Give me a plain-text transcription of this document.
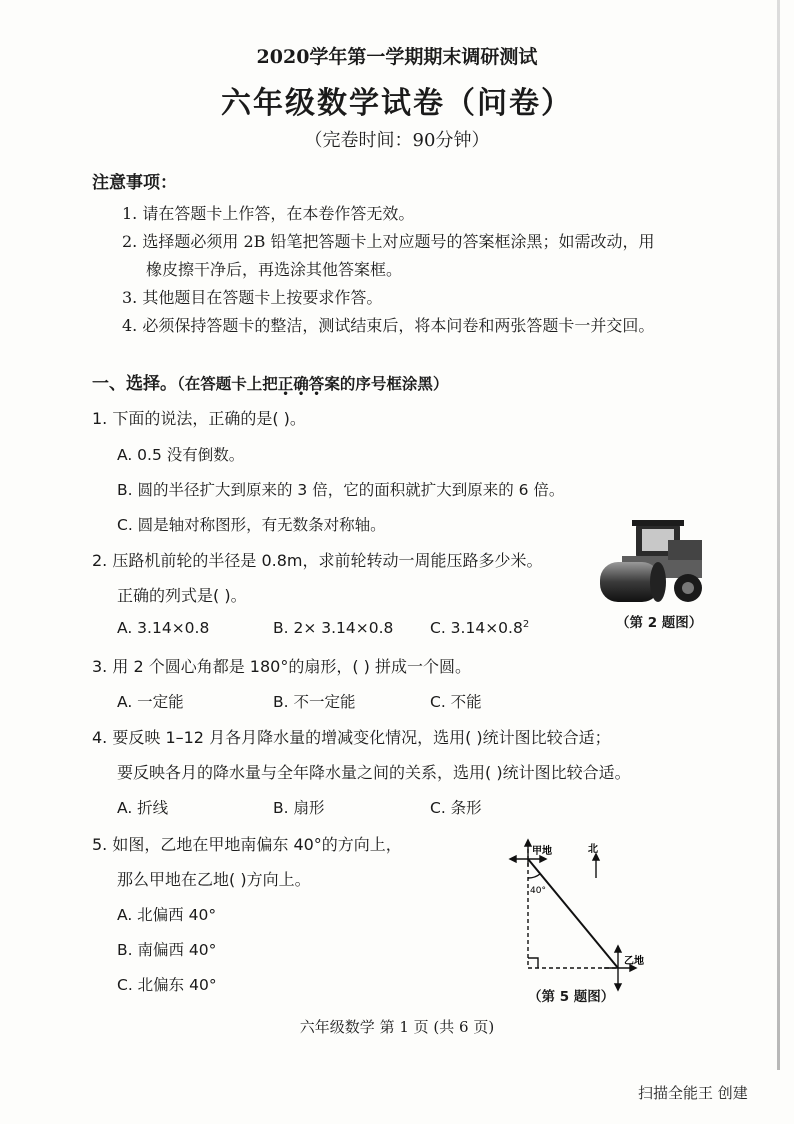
2020学年第一学期期末调研测试
六年级数学试卷（问卷）
（完卷时间：90分钟）
注意事项：
1. 请在答题卡上作答，在本卷作答无效。
2. 选择题必须用 2B 铅笔把答题卡上对应题号的答案框涂黑；如需改动，用
橡皮擦干净后，再选涂其他答案框。
3. 其他题目在答题卡上按要求作答。
4. 必须保持答题卡的整洁，测试结束后，将本问卷和两张答题卡一并交回。
一、选择。（在答题卡上把正确答案的序号框涂黑）
1. 下面的说法，正确的是( )。
A. 0.5 没有倒数。
B. 圆的半径扩大到原来的 3 倍，它的面积就扩大到原来的 6 倍。
C. 圆是轴对称图形，有无数条对称轴。
2. 压路机前轮的半径是 0.8m，求前轮转动一周能压路多少米。
正确的列式是( )。
A. 3.14×0.8	B. 2× 3.14×0.8 C. $3.14\times 0.8^2$	（第 2 题图）
3. 用 2 个圆心角都是 180°的扇形，( ) 拼成一个圆。
A. 一定能	B. 不一定能	C. 不能
4. 要反映 1–12 月各月降水量的增减变化情况，选用( )统计图比较合适；
要反映各月的降水量与全年降水量之间的关系，选用( )统计图比较合适。
A. 折线	B. 扇形	C. 条形
5. 如图，乙地在甲地南偏东 40°的方向上，
那么甲地在乙地( )方向上。
A. 北偏西 40°
B. 南偏西 40°
C. 北偏东 40°
甲地	北
乙地
40°
（第 5 题图）
六年级数学 第 1 页 (共 6 页)
扫描全能王 创建
